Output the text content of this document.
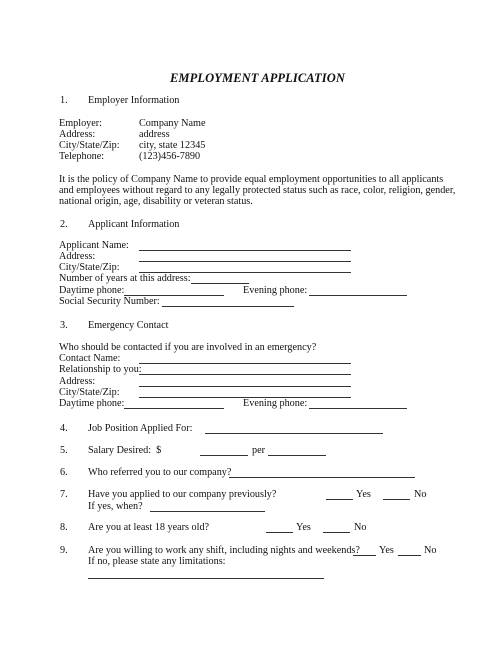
EMPLOYMENT APPLICATION
1. Employer Information
Employer:	Company Name
Address:	address
City/State/Zip: city, state 12345
Telephone:	(123)456-7890
It is the policy of Company Name to provide equal employment opportunities to all applicants
and employees without regard to any legally protected status such as race, color, religion, gender,
national origin, age, disability or veteran status.
2. Applicant Information
Applicant Name:
Address:
City/State/Zip:
Number of years at this address:
Daytime phone:	Evening phone:
Social Security Number:
3. Emergency Contact
Who should be contacted if you are involved in an emergency?
Contact Name:
Relationship to you:
Address:
City/State/Zip:
Daytime phone:	Evening phone:
4. Job Position Applied For:
5. Salary Desired:  $	per
6. Who referred you to our company?
7. Have you applied to our company previously?	Yes	No
If yes, when?
8. Are you at least 18 years old?	Yes	No
9. Are you willing to work any shift, including nights and weekends? Yes	No
If no, please state any limitations:
